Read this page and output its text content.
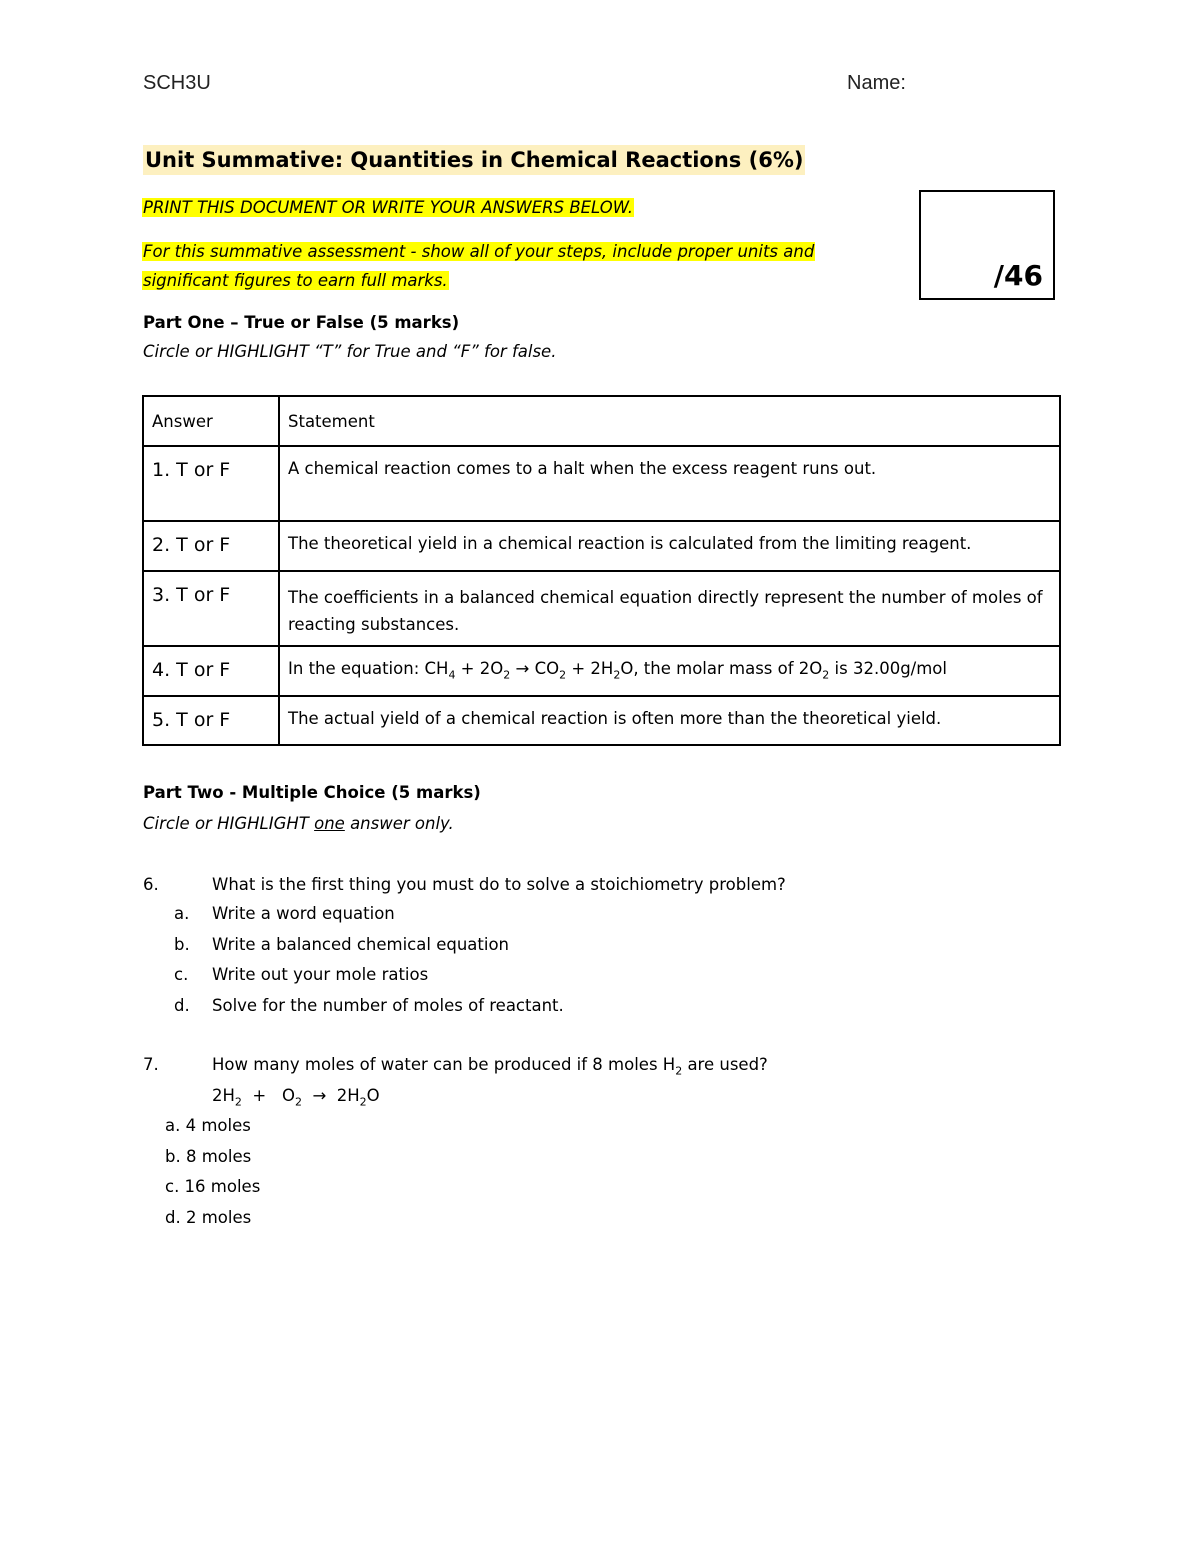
SCH3U	Name:
Unit Summative: Quantities in Chemical Reactions (6%)
PRINT THIS DOCUMENT OR WRITE YOUR ANSWERS BELOW.
For this summative assessment - show all of your steps, include proper units and
significant figures to earn full marks.	/46
Part One – True or False (5 marks)
Circle or HIGHLIGHT “T” for True and “F” for false.
Answer	Statement
1. T or F	A chemical reaction comes to a halt when the excess reagent runs out.
2. T or F	The theoretical yield in a chemical reaction is calculated from the limiting reagent.
3. T or F	The coefficients in a balanced chemical equation directly represent the number of moles of reacting substances.
4. T or F	In the equation: $CH_4 + 2O_2 \to CO_2 + 2H_2O$, the molar mass of $2O_2$ is 32.00g/mol
5. T or F	The actual yield of a chemical reaction is often more than the theoretical yield.
Part Two - Multiple Choice (5 marks)
Circle or HIGHLIGHT one answer only.
6.	What is the first thing you must do to solve a stoichiometry problem?
a.	Write a word equation
b.	Write a balanced chemical equation
c.	Write out your mole ratios
d.	Solve for the number of moles of reactant.
7.	How many moles of water can be produced if 8 moles $H_2$ are used?
$2H_2 + O_2 \to 2H_2O$
a. 4 moles
b. 8 moles
c. 16 moles
d. 2 moles
